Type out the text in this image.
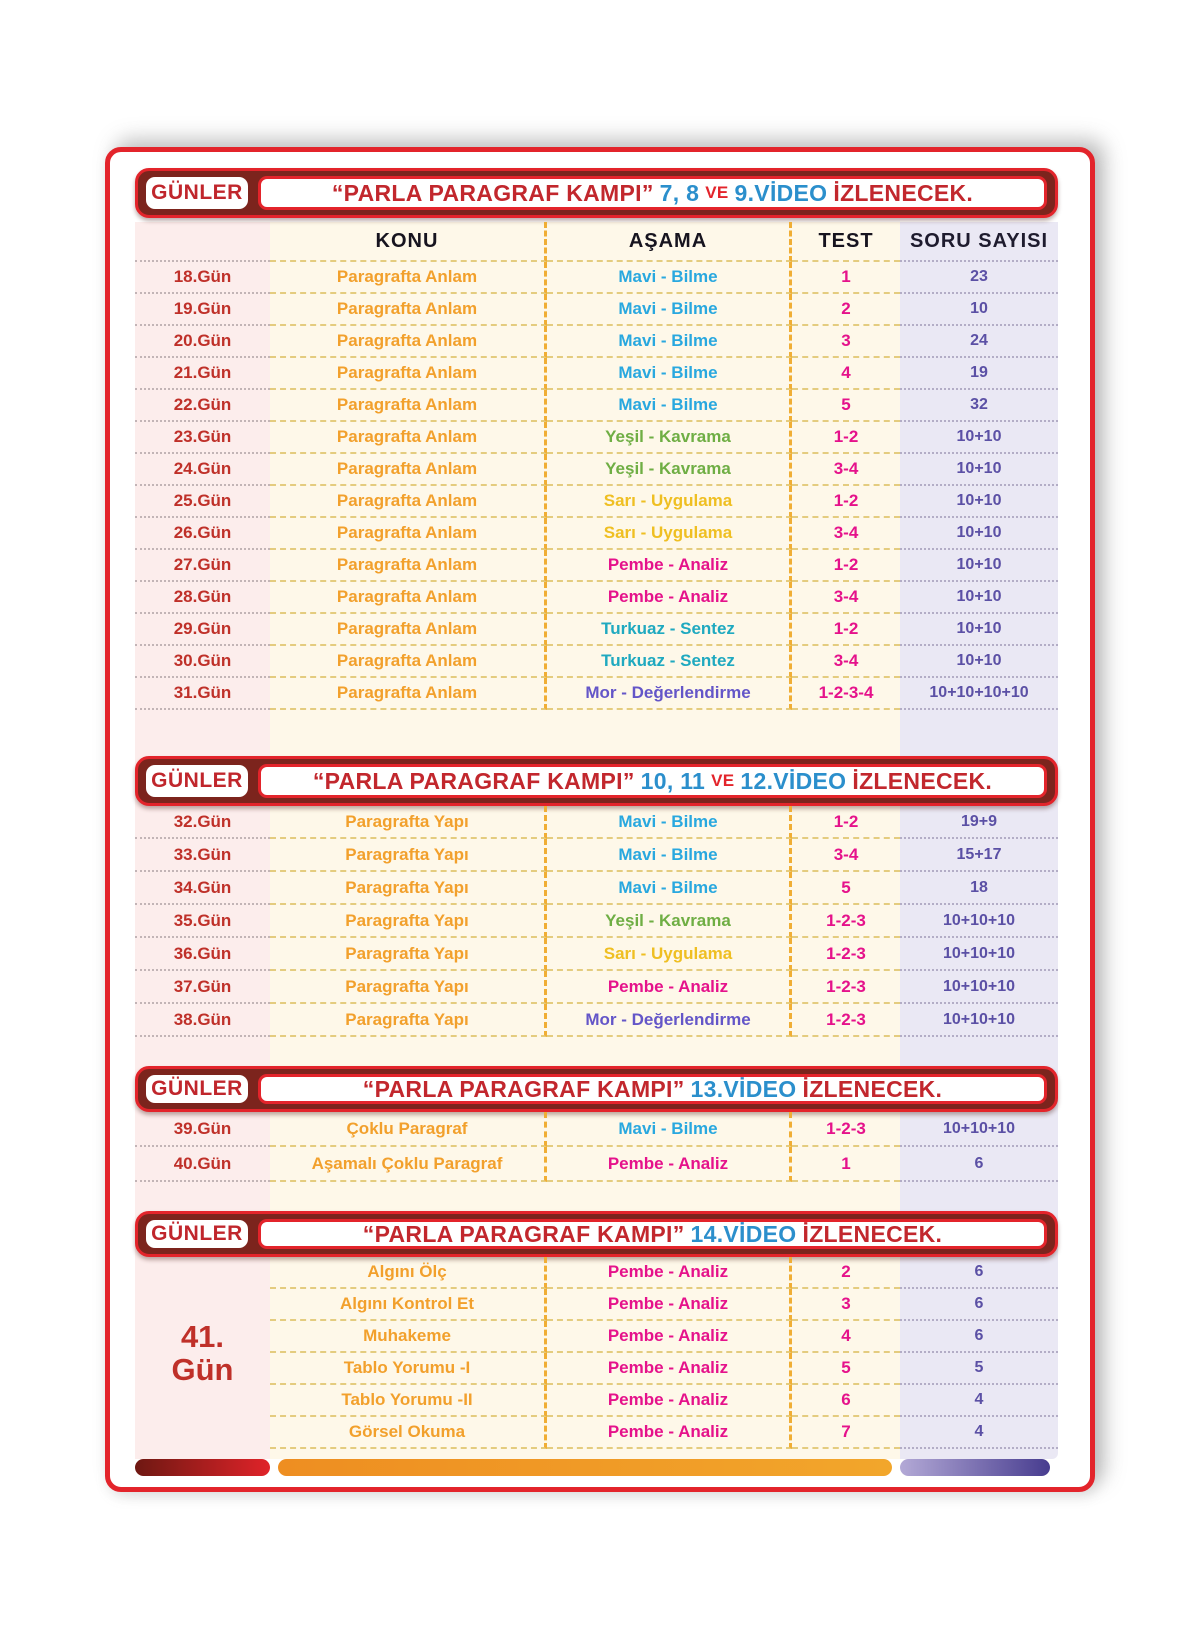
GÜNLER	“PARLA PARAGRAF KAMPI” 7, 8 VE 9.VİDEO İZLENECEK.
KONU	AŞAMA	TEST	SORU SAYISI
18.Gün	Paragrafta Anlam	Mavi - Bilme	1	23
19.Gün	Paragrafta Anlam	Mavi - Bilme	2	10
20.Gün	Paragrafta Anlam	Mavi - Bilme	3	24
21.Gün	Paragrafta Anlam	Mavi - Bilme	4	19
22.Gün	Paragrafta Anlam	Mavi - Bilme	5	32
23.Gün	Paragrafta Anlam	Yeşil - Kavrama	1-2	10+10
24.Gün	Paragrafta Anlam	Yeşil - Kavrama	3-4	10+10
25.Gün	Paragrafta Anlam	Sarı - Uygulama	1-2	10+10
26.Gün	Paragrafta Anlam	Sarı - Uygulama	3-4	10+10
27.Gün	Paragrafta Anlam	Pembe - Analiz	1-2	10+10
28.Gün	Paragrafta Anlam	Pembe - Analiz	3-4	10+10
29.Gün	Paragrafta Anlam	Turkuaz - Sentez	1-2	10+10
30.Gün	Paragrafta Anlam	Turkuaz - Sentez	3-4	10+10
31.Gün	Paragrafta Anlam	Mor - Değerlendirme	1-2-3-4	10+10+10+10
GÜNLER	“PARLA PARAGRAF KAMPI” 10, 11 VE 12.VİDEO İZLENECEK.
32.Gün	Paragrafta Yapı	Mavi - Bilme	1-2	19+9
33.Gün	Paragrafta Yapı	Mavi - Bilme	3-4	15+17
34.Gün	Paragrafta Yapı	Mavi - Bilme	5	18
35.Gün	Paragrafta Yapı	Yeşil - Kavrama	1-2-3	10+10+10
36.Gün	Paragrafta Yapı	Sarı - Uygulama	1-2-3	10+10+10
37.Gün	Paragrafta Yapı	Pembe - Analiz	1-2-3	10+10+10
38.Gün	Paragrafta Yapı	Mor - Değerlendirme	1-2-3	10+10+10
GÜNLER	“PARLA PARAGRAF KAMPI” 13.VİDEO İZLENECEK.
39.Gün	Çoklu Paragraf	Mavi - Bilme	1-2-3	10+10+10
40.Gün	Aşamalı Çoklu Paragraf	Pembe - Analiz	1	6
GÜNLER	“PARLA PARAGRAF KAMPI” 14.VİDEO İZLENECEK.
41.
Gün
Algını Ölç	Pembe - Analiz	2	6
Algını Kontrol Et	Pembe - Analiz	3	6
Muhakeme	Pembe - Analiz	4	6
Tablo Yorumu -I	Pembe - Analiz	5	5
Tablo Yorumu -II	Pembe - Analiz	6	4
Görsel Okuma	Pembe - Analiz	7	4
